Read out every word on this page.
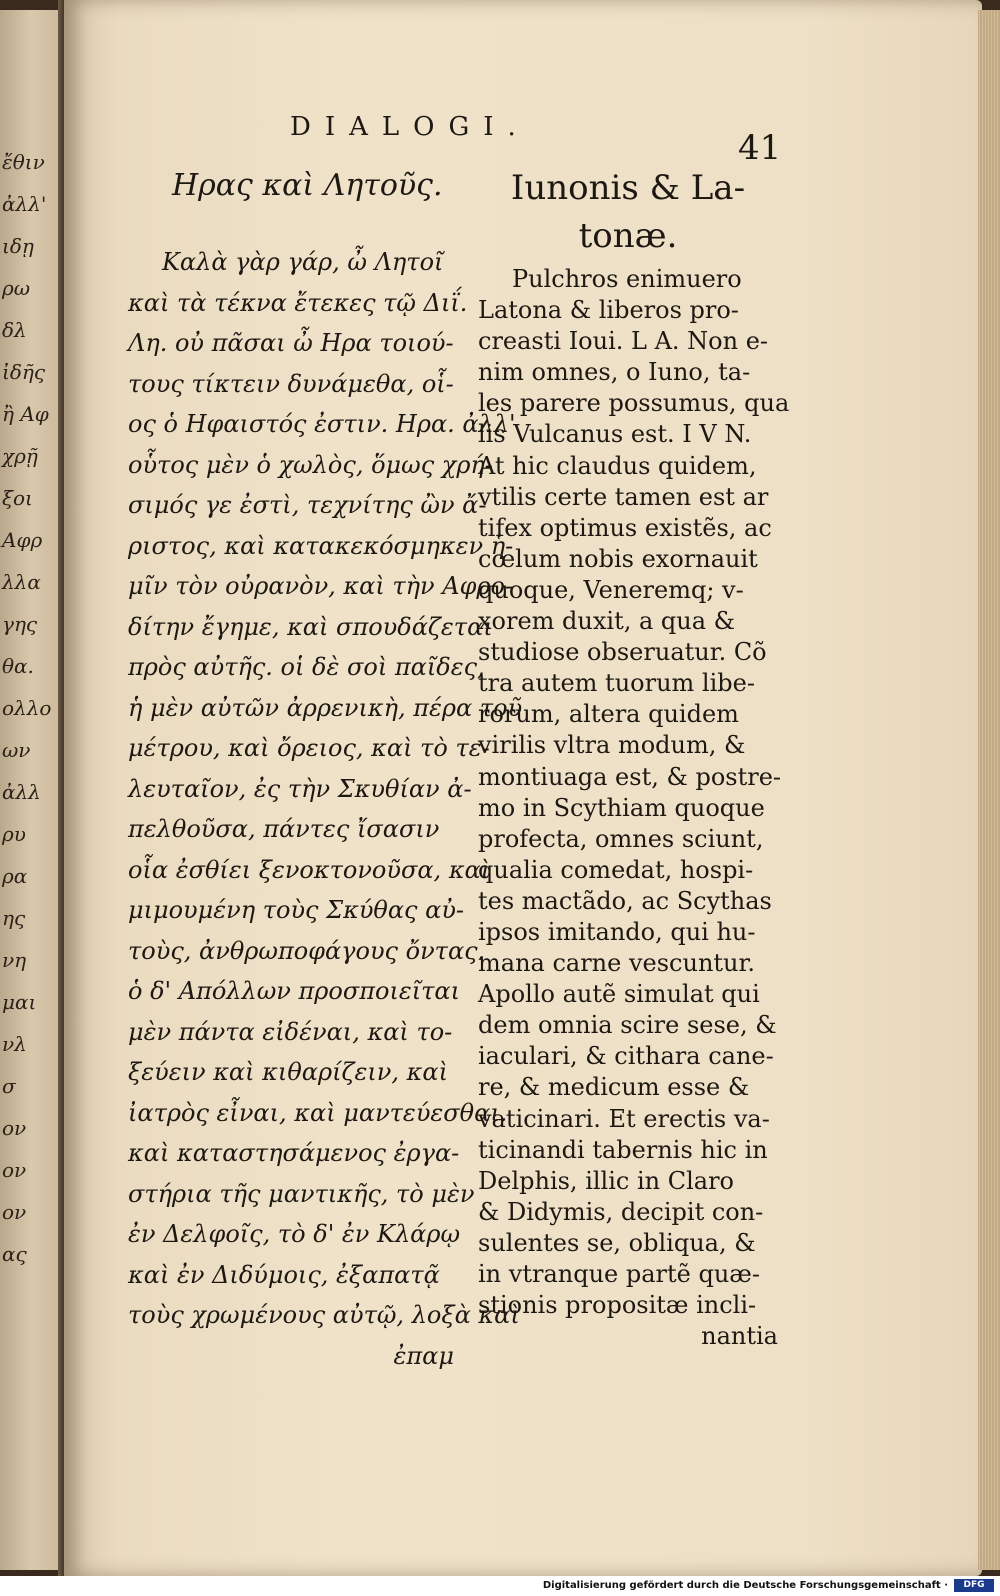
ἔθιν
ἀλλ'
ιδῃ
ρω
δλ
ἰδῆς
ἢ Αφ
χρῇ
ξοι
Αφρ
λλα
γης
θα.
ολλο
ων
ἀλλ
ρυ
ρα
ης
νη
μαι
νλ
σ
ον
ον
ον
ας
DIALOGI.
41
Ηρας καὶ Λητοῦς.
Καλὰ γὰρ γάρ, ὦ Λητοῖ
καὶ τὰ τέκνα ἔτεκες τῷ Διΐ.
Λη. οὐ πᾶσαι ὦ Ηρα τοιού-
τους τίκτειν δυνάμεθα, οἷ-
ος ὁ Ηφαιστός ἐστιν. Ηρα. ἀλλ'
οὗτος μὲν ὁ χωλὸς, ὅμως χρή-
σιμός γε ἐστὶ, τεχνίτης ὢν ἄ-
ριστος, καὶ κατακεκόσμηκεν ἡ-
μῖν τὸν οὐρανὸν, καὶ τὴν Αφρο-
δίτην ἔγημε, καὶ σπουδάζεται
πρὸς αὐτῆς. οἱ δὲ σοὶ παῖδες,
ἡ μὲν αὐτῶν ἀρρενικὴ, πέρα τοῦ
μέτρου, καὶ ὄρειος, καὶ τὸ τε-
λευταῖον, ἐς τὴν Σκυθίαν ἀ-
πελθοῦσα, πάντες ἴσασιν
οἷα ἐσθίει ξενοκτονοῦσα, καὶ
μιμουμένη τοὺς Σκύθας αὐ-
τοὺς, ἀνθρωποφάγους ὄντας.
ὁ δ' Απόλλων προσποιεῖται
μὲν πάντα εἰδέναι, καὶ το-
ξεύειν καὶ κιθαρίζειν, καὶ
ἰατρὸς εἶναι, καὶ μαντεύεσθαι.
καὶ καταστησάμενος ἐργα-
στήρια τῆς μαντικῆς, τὸ μὲν
ἐν Δελφοῖς, τὸ δ' ἐν Κλάρῳ
καὶ ἐν Διδύμοις, ἐξαπατᾷ
τοὺς χρωμένους αὐτῷ, λοξὰ καὶ
ἐπαμ
Iunonis & La-
tonæ.
Pulchros enimuero
Latona & liberos pro-
creasti Ioui. L A. Non e-
nim omnes, o Iuno, ta-
les parere possumus, qua
lis Vulcanus est. I V N.
At hic claudus quidem,
vtilis certe tamen est ar
tifex optimus existẽs, ac
cœlum nobis exornauit
quoque, Veneremq; v-
xorem duxit, a qua &
studiose obseruatur. Cõ
tra autem tuorum libe-
rorum, altera quidem
virilis vltra modum, &
montiuaga est, & postre-
mo in Scythiam quoque
profecta, omnes sciunt,
qualia comedat, hospi-
tes mactãdo, ac Scythas
ipsos imitando, qui hu-
mana carne vescuntur.
Apollo autẽ simulat qui
dem omnia scire sese, &
iaculari, & cithara cane-
re, & medicum esse &
vaticinari. Et erectis va-
ticinandi tabernis hic in
Delphis, illic in Claro
& Didymis, decipit con-
sulentes se, obliqua, &
in vtranque partẽ quæ-
stionis propositæ incli-
nantia
Digitalisierung gefördert durch die Deutsche Forschungsgemeinschaft ·	DFG
